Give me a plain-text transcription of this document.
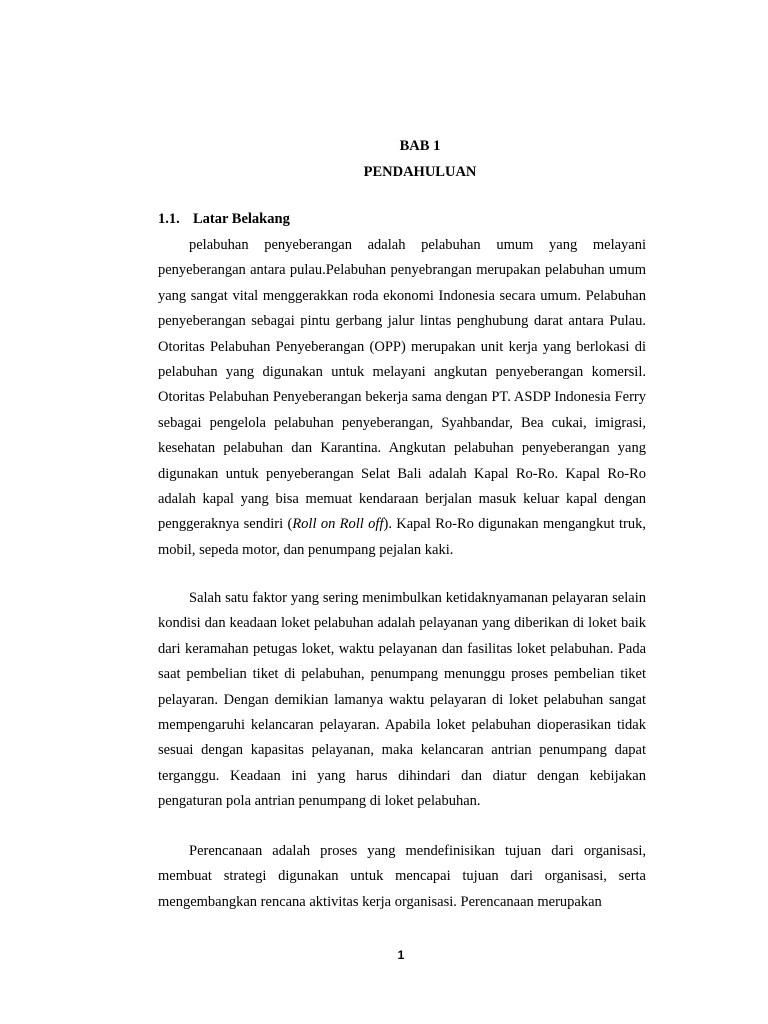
BAB 1
PENDAHULUAN
1.1. Latar Belakang

pelabuhan penyeberangan adalah pelabuhan umum yang melayani penyeberangan antara pulau.Pelabuhan penyebrangan merupakan pelabuhan umum yang sangat vital menggerakkan roda ekonomi Indonesia secara umum. Pelabuhan penyeberangan sebagai pintu gerbang jalur lintas penghubung darat antara Pulau. Otoritas Pelabuhan Penyeberangan (OPP) merupakan unit kerja yang berlokasi di pelabuhan yang digunakan untuk melayani angkutan penyeberangan komersil. Otoritas Pelabuhan Penyeberangan bekerja sama dengan PT. ASDP Indonesia Ferry sebagai pengelola pelabuhan penyeberangan, Syahbandar, Bea cukai, imigrasi, kesehatan pelabuhan dan Karantina. Angkutan pelabuhan penyeberangan yang digunakan untuk penyeberangan Selat Bali adalah Kapal Ro-Ro. Kapal Ro-Ro adalah kapal yang bisa memuat kendaraan berjalan masuk keluar kapal dengan penggeraknya sendiri (Roll on Roll off). Kapal Ro-Ro digunakan mengangkut truk, mobil, sepeda motor, dan penumpang pejalan kaki.

Salah satu faktor yang sering menimbulkan ketidaknyamanan pelayaran selain kondisi dan keadaan loket pelabuhan adalah pelayanan yang diberikan di loket baik dari keramahan petugas loket, waktu pelayanan dan fasilitas loket pelabuhan. Pada saat pembelian tiket di pelabuhan, penumpang menunggu proses pembelian tiket pelayaran. Dengan demikian lamanya waktu pelayaran di loket pelabuhan sangat mempengaruhi kelancaran pelayaran. Apabila loket pelabuhan dioperasikan tidak sesuai dengan kapasitas pelayanan, maka kelancaran antrian penumpang dapat terganggu. Keadaan ini yang harus dihindari dan diatur dengan kebijakan pengaturan pola antrian penumpang di loket pelabuhan.

Perencanaan adalah proses yang mendefinisikan tujuan dari organisasi, membuat strategi digunakan untuk mencapai tujuan dari organisasi, serta mengembangkan rencana aktivitas kerja organisasi. Perencanaan merupakan

1
